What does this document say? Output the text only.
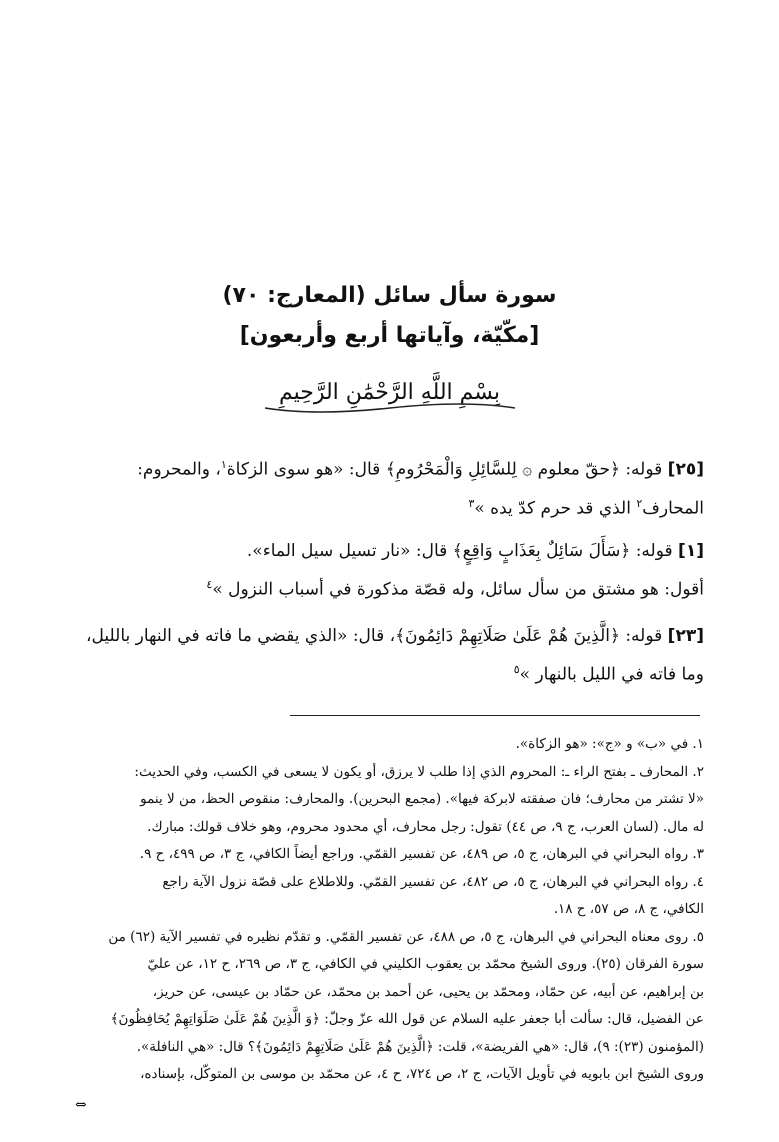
سورة سأل سائل (المعارج: ٧٠)
[مكّيّة، وآياتها أربع وأربعون]
بِسْمِ اللَّهِ الرَّحْمَٰنِ الرَّحِيمِ
[٢٥] قوله: ﴿حقّ معلوم ۞ لِلسَّائِلِ وَالْمَحْرُومِ﴾ قال: «هو سوى الزكاة$^١$، والمحروم:
المحارف$^٢$ الذي قد حرم كدّ يده »$^٣$
[١] قوله: ﴿سَأَلَ سَائِلٌ بِعَذَابٍ وَاقِعٍ﴾ قال: «نار تسيل سيل الماء».
أقول: هو مشتق من سأل سائل، وله قصّة مذكورة في أسباب النزول »$^٤$
[٢٣] قوله: ﴿الَّذِينَ هُمْ عَلَىٰ صَلَاتِهِمْ دَائِمُونَ﴾، قال: «الذي يقضي ما فاته في النهار بالليل،
وما فاته في الليل بالنهار »$^٥$

١. في «ب» و «ج»: «هو الزكاة».

٢. المحارف ـ بفتح الراء ـ: المحروم الذي إذا طلب لا يرزق، أو يكون لا يسعى في الكسب، وفي الحديث:

«لا تشتر من محارف؛ فان صفقته لابركة فيها». (مجمع البحرين). والمحارف: منقوص الحظ، من لا ينمو

له مال. (لسان العرب، ج ٩، ص ٤٤) تقول: رجل محارف، أي محدود محروم، وهو خلاف قولك: مبارك.

٣. رواه البحراني في البرهان، ج ٥، ص ٤٨٩، عن تفسير القمّي. وراجع أيضاً الكافي، ج ٣، ص ٤٩٩، ح ٩.

٤. رواه البحراني في البرهان، ج ٥، ص ٤٨٢، عن تفسير القمّي. وللاطلاع على قصّة نزول الآية راجع

الكافي، ج ٨، ص ٥٧، ح ١٨.

٥. روى معناه البحراني في البرهان، ج ٥، ص ٤٨٨، عن تفسير القمّي. و تقدّم نظيره في تفسير الآية (٦٢) من

سورة الفرقان (٢٥). وروى الشيخ محمّد بن يعقوب الكليني في الكافي، ج ٣، ص ٢٦٩، ح ١٢، عن عليّ

بن إبراهيم، عن أبيه، عن حمّاد، ومحمّد بن يحيى، عن أحمد بن محمّد، عن حمّاد بن عيسى، عن حريز،

عن الفضيل، قال: سألت أبا جعفر عليه السلام عن قول الله عزّ وجلّ: ﴿وَ الَّذِينَ هُمْ عَلَىٰ صَلَوَاتِهِمْ يُحَافِظُونَ﴾

(المؤمنون (٢٣): ٩)، قال: «هي الفريضة»، قلت: ﴿الَّذِينَ هُمْ عَلَىٰ صَلَاتِهِمْ دَائِمُونَ﴾؟ قال: «هي النافلة».

وروى الشيخ ابن بابويه في تأويل الآيات، ج ٢، ص ٧٢٤، ح ٤، عن محمّد بن موسى بن المتوكّل، بإسناده،

⇔
